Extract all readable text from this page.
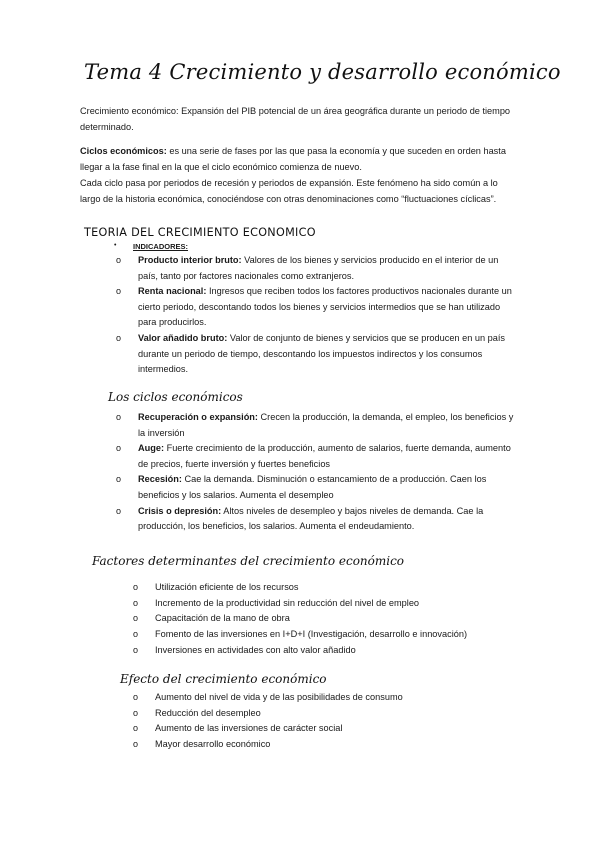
Tema 4 Crecimiento y desarrollo económico
Crecimiento económico: Expansión del PIB potencial de un área geográfica durante un periodo de tiempo determinado.
Ciclos económicos: es una serie de fases por las que pasa la economía y que suceden en orden hasta llegar a la fase final en la que el ciclo económico comienza de nuevo.
Cada ciclo pasa por periodos de recesión y periodos de expansión. Este fenómeno ha sido común a lo largo de la historia económica, conociéndose con otras denominaciones como “fluctuaciones cíclicas”.
TEORIA DEL CRECIMIENTO ECONOMICO
• INDICADORES:
o Producto interior bruto: Valores de los bienes y servicios producido en el interior de un país, tanto por factores nacionales como extranjeros.
o Renta nacional: Ingresos que reciben todos los factores productivos nacionales durante un cierto periodo, descontando todos los bienes y servicios intermedios que se han utilizado para producirlos.
o Valor añadido bruto: Valor de conjunto de bienes y servicios que se producen en un país durante un periodo de tiempo, descontando los impuestos indirectos y los consumos intermedios.
Los ciclos económicos
o Recuperación o expansión: Crecen la producción, la demanda, el empleo, los beneficios y la inversión
o Auge: Fuerte crecimiento de la producción, aumento de salarios, fuerte demanda, aumento de precios, fuerte inversión y fuertes beneficios
o Recesión: Cae la demanda. Disminución o estancamiento de a producción. Caen los beneficios y los salarios. Aumenta el desempleo
o Crisis o depresión: Altos niveles de desempleo y bajos niveles de demanda. Cae la producción, los beneficios, los salarios. Aumenta el endeudamiento.
Factores determinantes del crecimiento económico
o Utilización eficiente de los recursos
o Incremento de la productividad sin reducción del nivel de empleo
o Capacitación de la mano de obra
o Fomento de las inversiones en I+D+I (Investigación, desarrollo e innovación)
o Inversiones en actividades con alto valor añadido
Efecto del crecimiento económico
o Aumento del nivel de vida y de las posibilidades de consumo
o Reducción del desempleo
o Aumento de las inversiones de carácter social
o Mayor desarrollo económico
